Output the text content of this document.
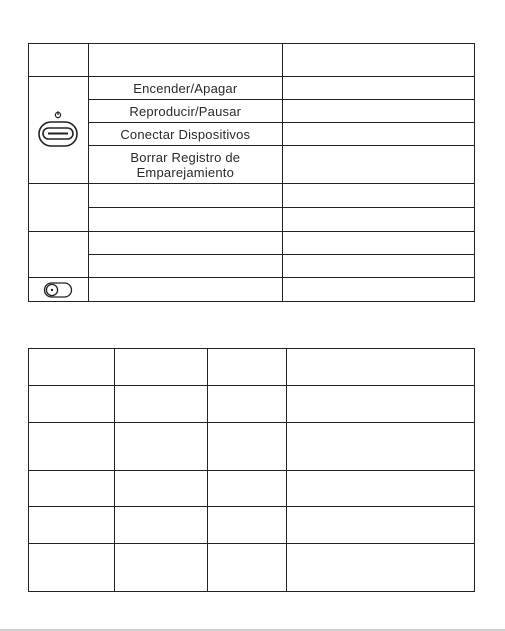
	Encender/Apagar	
	Reproducir/Pausar	
	Conectar Dispositivos	
	Borrar Registro de Emparejamiento	
